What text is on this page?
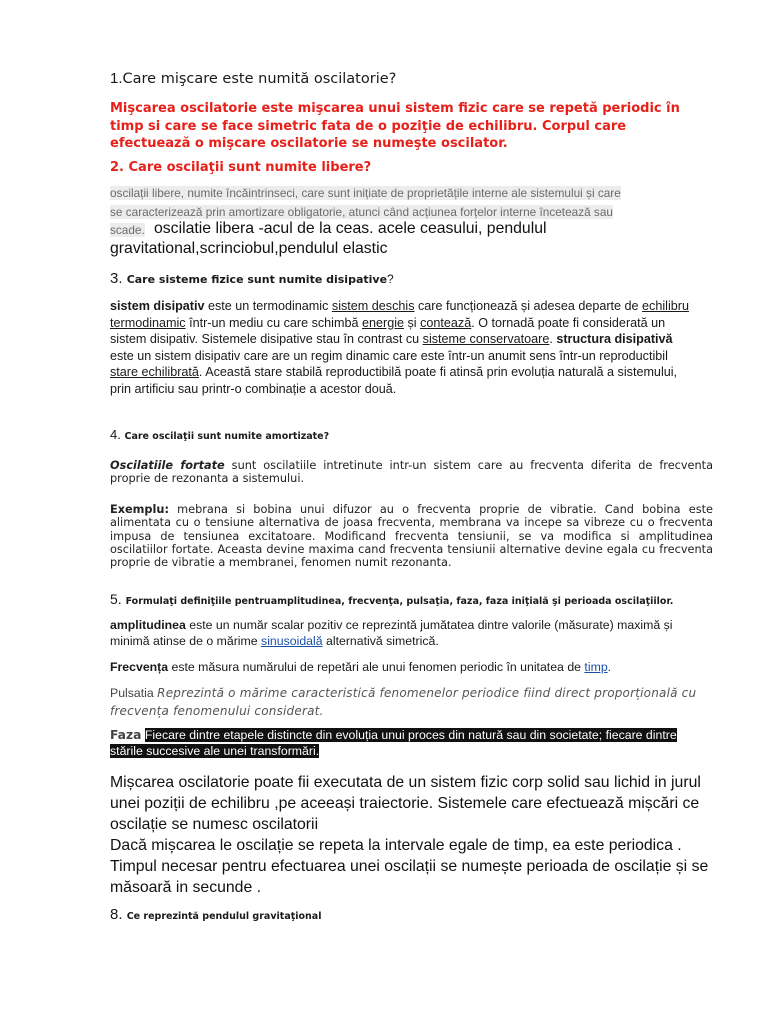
1.Care mişcare este numită oscilatorie?

Mişcarea oscilatorie este mişcarea unui sistem fizic care se repetă periodic în timp si care se face simetric fata de o poziţie de echilibru. Corpul care efectuează o mişcare oscilatorie se numeşte oscilator.

2. Care oscilaţii sunt numite libere?
oscilații libere, numite încăintrinseci, care sunt inițiate de proprietățile interne ale sistemului și care
se caracterizează prin amortizare obligatorie, atunci când acțiunea forțelor interne încetează sau
scade. oscilatie libera -acul de la ceas. acele ceasului, pendulul gravitational,scrinciobul,pendulul elastic

3. Care sisteme fizice sunt numite disipative?

sistem disipativ este un termodinamic sistem deschis care funcționează și adesea departe de echilibru termodinamic într-un mediu cu care schimbă energie și contează. O tornadă poate fi considerată un sistem disipativ. Sistemele disipative stau în contrast cu sisteme conservatoare. structura disipativă este un sistem disipativ care are un regim dinamic care este într-un anumit sens într-un reproductibil stare echilibrată. Această stare stabilă reproductibilă poate fi atinsă prin evoluția naturală a sistemului, prin artificiu sau printr-o combinație a acestor două.

4. Care oscilaţii sunt numite amortizate?

Oscilatiile fortate sunt oscilatiile intretinute intr-un sistem care au frecventa diferita de frecventa proprie de rezonanta a sistemului.

Exemplu: mebrana si bobina unui difuzor au o frecventa proprie de vibratie. Cand bobina este alimentata cu o tensiune alternativa de joasa frecventa, membrana va incepe sa vibreze cu o frecventa impusa de tensiunea excitatoare. Modificand frecventa tensiunii, se va modifica si amplitudinea oscilatiilor fortate. Aceasta devine maxima cand frecventa tensiunii alternative devine egala cu frecventa proprie de vibratie a membranei, fenomen numit rezonanta.

5. Formulaţi definiţiile pentruamplitudinea, frecvenţa, pulsaţia, faza, faza iniţială şi perioada oscilaţiilor.

amplitudinea este un număr scalar pozitiv ce reprezintă jumătatea dintre valorile (măsurate) maximă și minimă atinse de o mărime sinusoidală alternativă simetrică.

Frecvența este măsura numărului de repetări ale unui fenomen periodic în unitatea de timp.

Pulsatia Reprezintă o mărime caracteristică fenomenelor periodice fiind direct proporțională cu frecvența fenomenului considerat.

Faza Fiecare dintre etapele distincte din evoluția unui proces din natură sau din societate; fiecare dintre stările succesive ale unei transformări.

Mișcarea oscilatorie poate fii executata de un sistem fizic corp solid sau lichid in jurul unei poziții de echilibru ,pe aceeași traiectorie. Sistemele care efectuează mișcări ce oscilație se numesc oscilatorii

Dacă mișcarea le oscilație se repeta la intervale egale de timp, ea este periodica . Timpul necesar pentru efectuarea unei oscilații se numește perioada de oscilație și se măsoară in secunde .

8. Ce reprezintă pendulul gravitaţional
